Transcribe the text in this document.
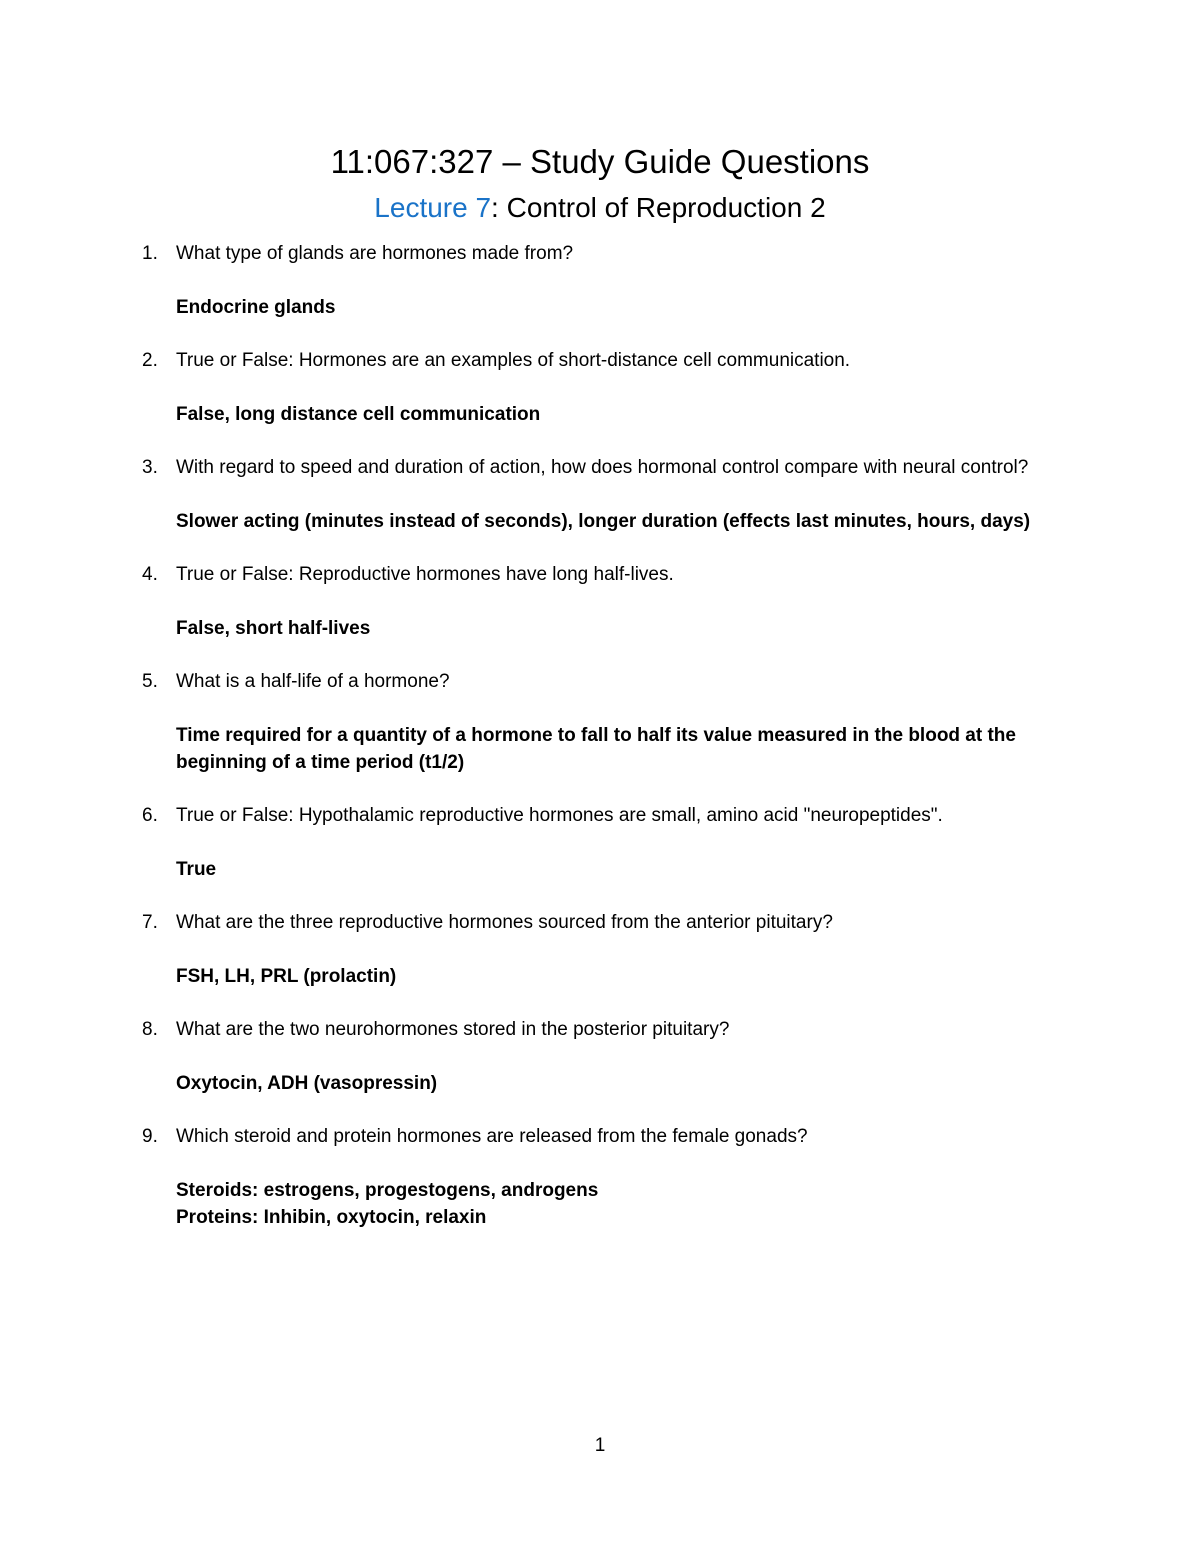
11:067:327 – Study Guide Questions
Lecture 7: Control of Reproduction 2
1. What type of glands are hormones made from?

Endocrine glands
2. True or False: Hormones are an examples of short-distance cell communication.

False, long distance cell communication
3. With regard to speed and duration of action, how does hormonal control compare with neural control?

Slower acting (minutes instead of seconds), longer duration (effects last minutes, hours, days)
4. True or False: Reproductive hormones have long half-lives.

False, short half-lives
5. What is a half-life of a hormone?

Time required for a quantity of a hormone to fall to half its value measured in the blood at the beginning of a time period (t1/2)
6. True or False: Hypothalamic reproductive hormones are small, amino acid "neuropeptides".

True
7. What are the three reproductive hormones sourced from the anterior pituitary?

FSH, LH, PRL (prolactin)
8. What are the two neurohormones stored in the posterior pituitary?

Oxytocin, ADH (vasopressin)
9. Which steroid and protein hormones are released from the female gonads?

Steroids: estrogens, progestogens, androgens
Proteins: Inhibin, oxytocin, relaxin
1
